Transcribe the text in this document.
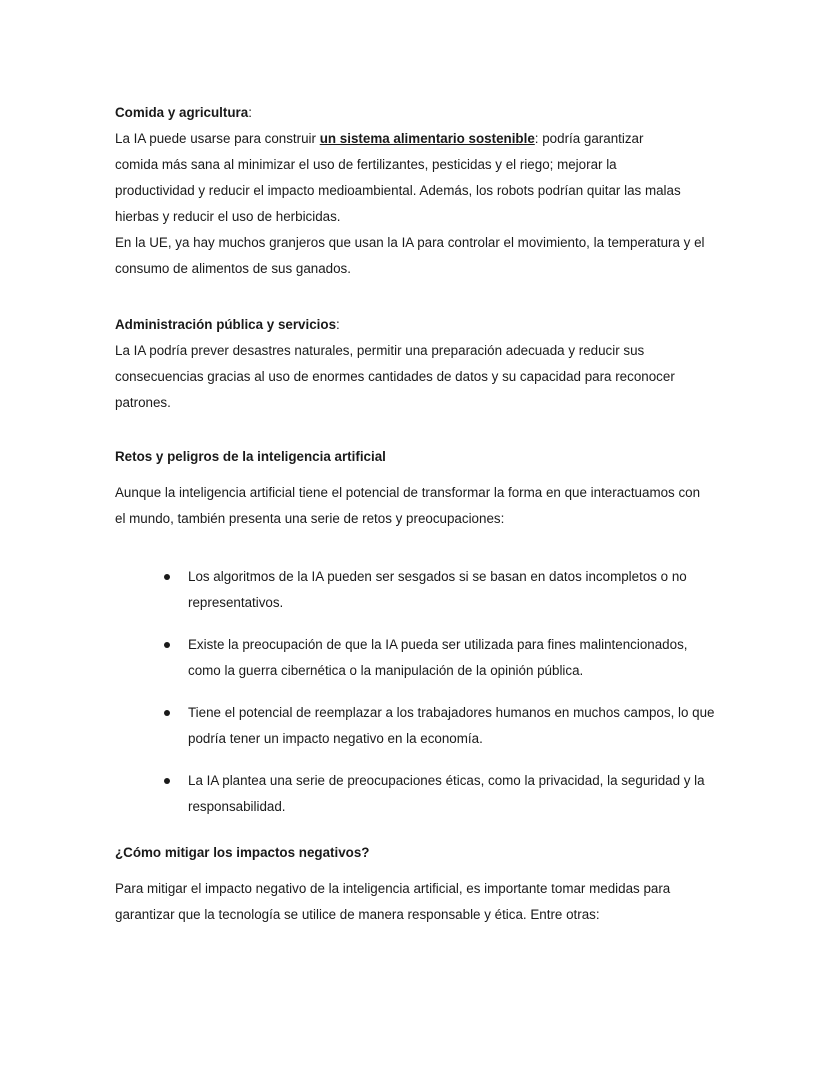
Comida y agricultura:

La IA puede usarse para construir un sistema alimentario sostenible: podría garantizar comida más sana al minimizar el uso de fertilizantes, pesticidas y el riego; mejorar la productividad y reducir el impacto medioambiental. Además, los robots podrían quitar las malas hierbas y reducir el uso de herbicidas.

En la UE, ya hay muchos granjeros que usan la IA para controlar el movimiento, la temperatura y el consumo de alimentos de sus ganados.

Administración pública y servicios:

La IA podría prever desastres naturales, permitir una preparación adecuada y reducir sus consecuencias gracias al uso de enormes cantidades de datos y su capacidad para reconocer patrones.

Retos y peligros de la inteligencia artificial

Aunque la inteligencia artificial tiene el potencial de transformar la forma en que interactuamos con el mundo, también presenta una serie de retos y preocupaciones:

Los algoritmos de la IA pueden ser sesgados si se basan en datos incompletos o no representativos.
Existe la preocupación de que la IA pueda ser utilizada para fines malintencionados, como la guerra cibernética o la manipulación de la opinión pública.
Tiene el potencial de reemplazar a los trabajadores humanos en muchos campos, lo que podría tener un impacto negativo en la economía.
La IA plantea una serie de preocupaciones éticas, como la privacidad, la seguridad y la responsabilidad.
¿Cómo mitigar los impactos negativos?

Para mitigar el impacto negativo de la inteligencia artificial, es importante tomar medidas para garantizar que la tecnología se utilice de manera responsable y ética. Entre otras:
